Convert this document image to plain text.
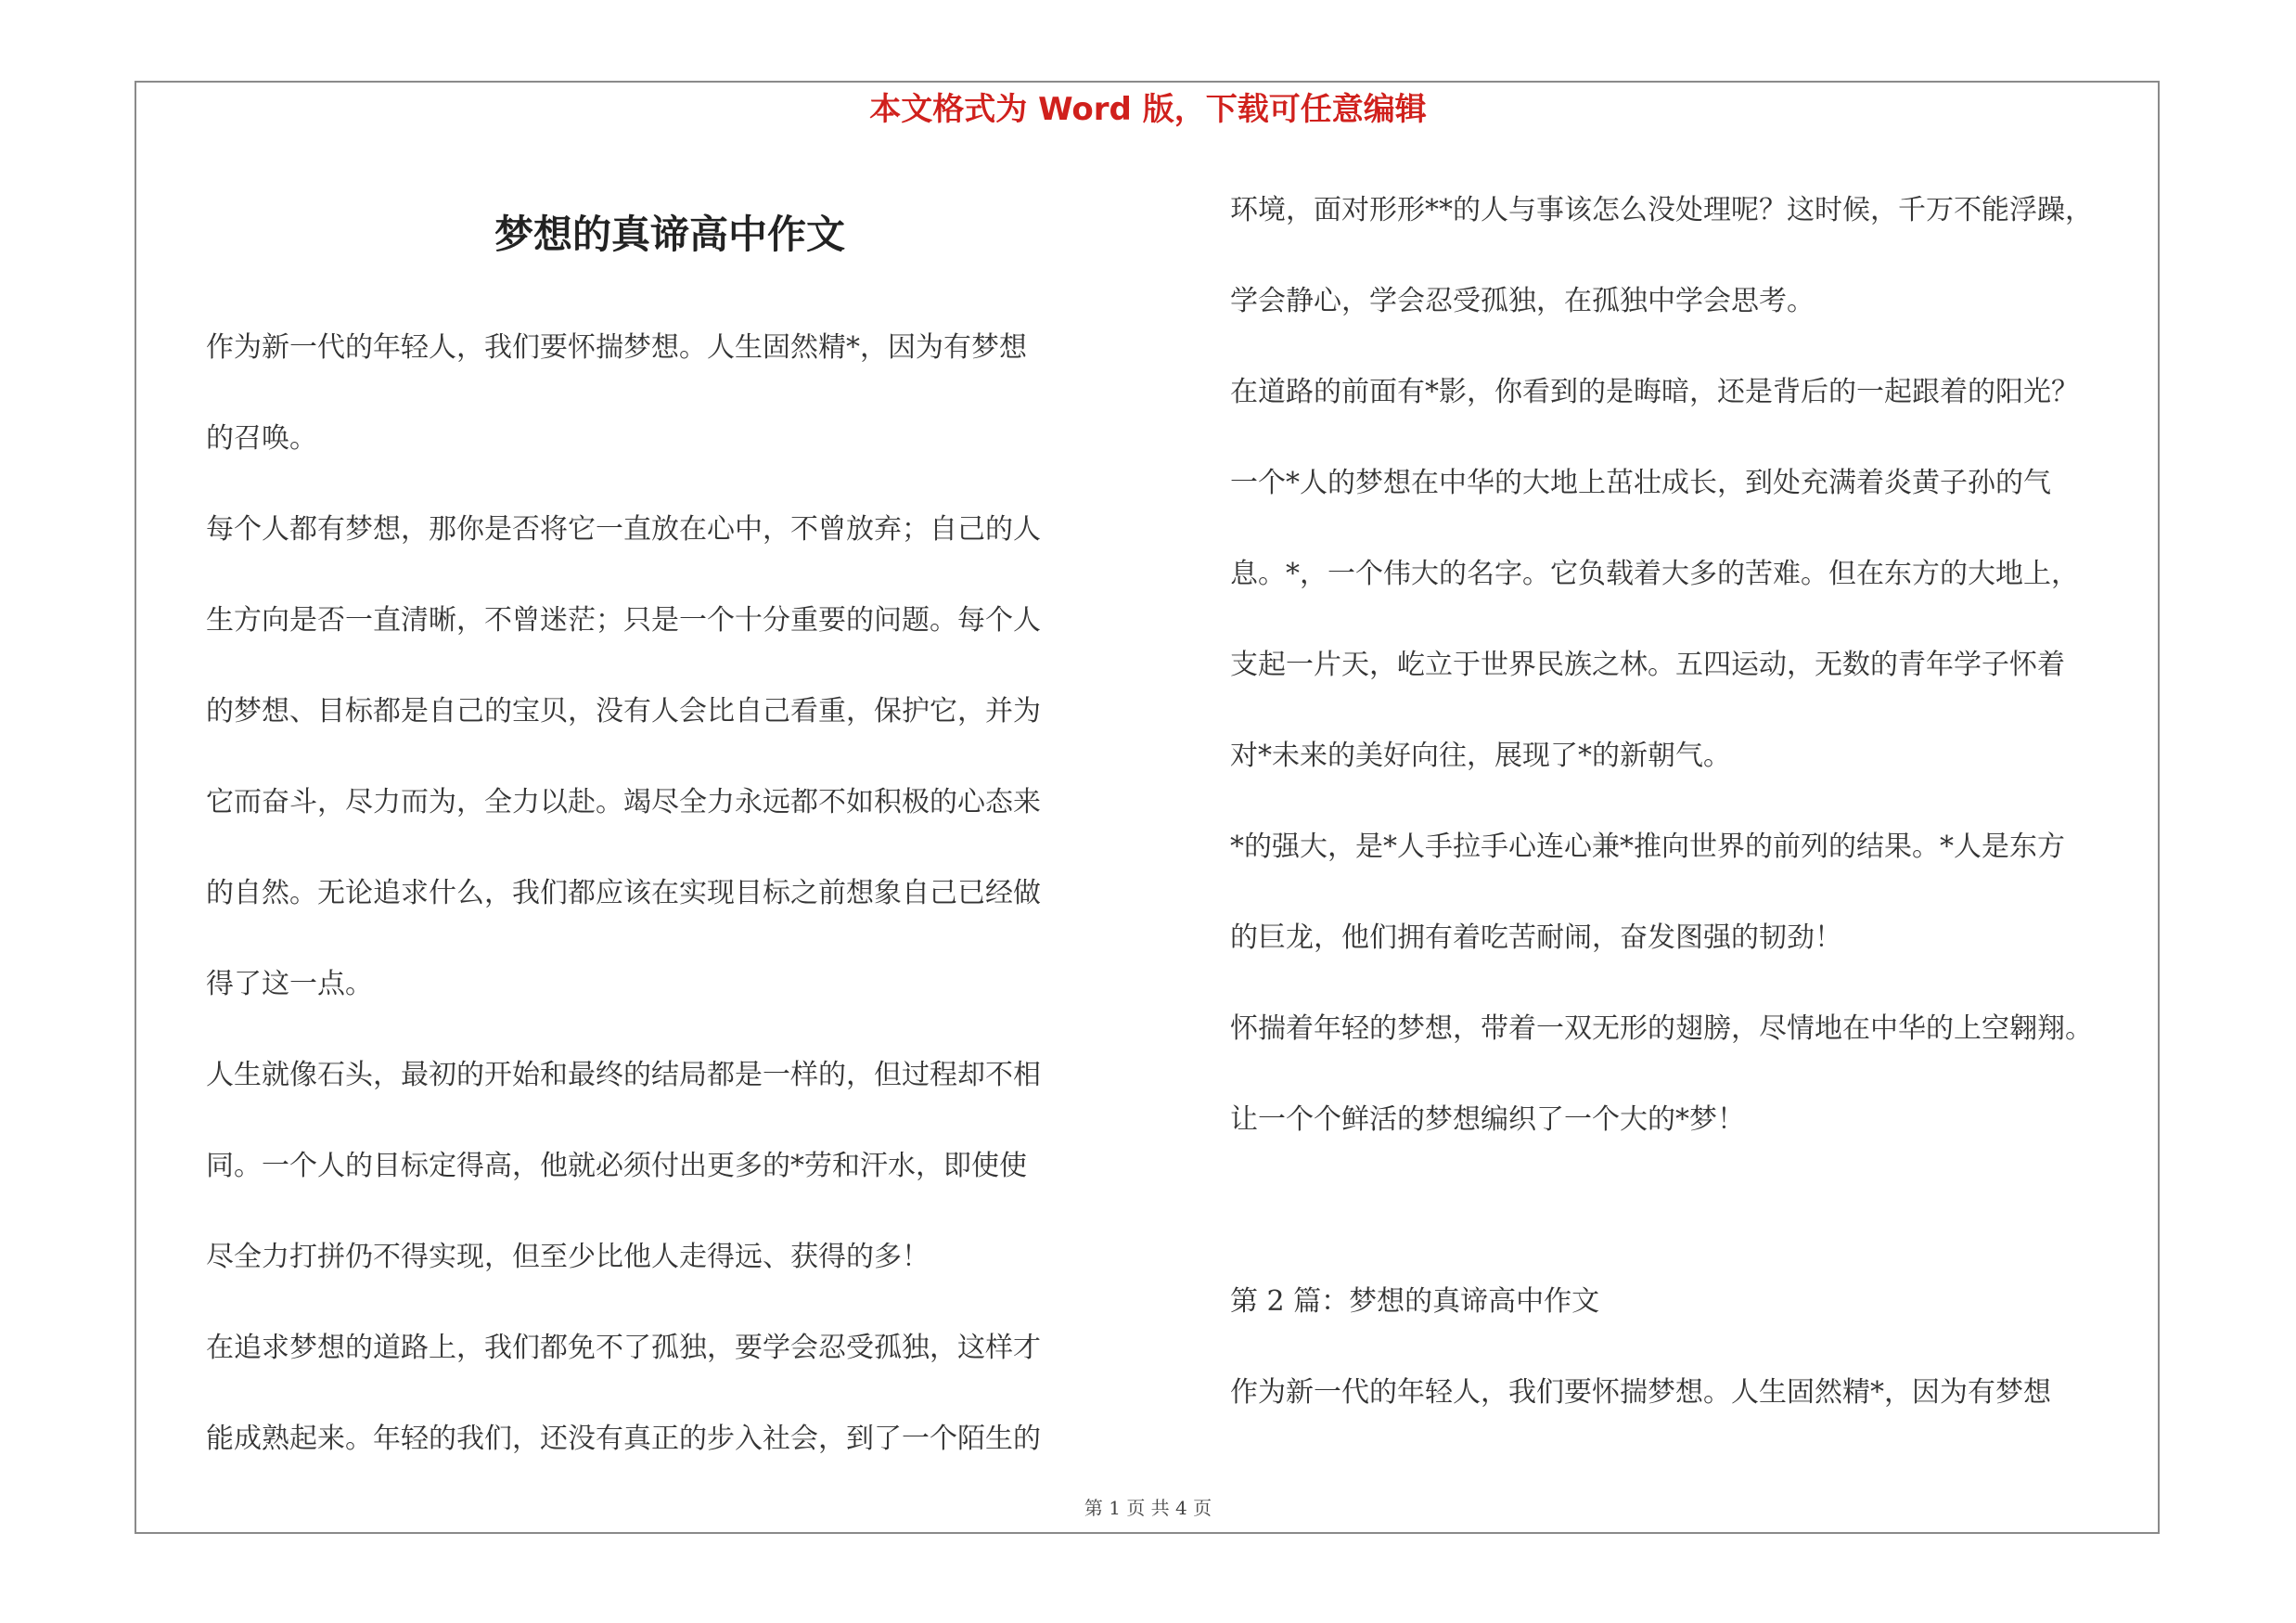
本文格式为 Word 版，下载可任意编辑
梦想的真谛高中作文
作为新一代的年轻人，我们要怀揣梦想。人生固然精*，因为有梦想
的召唤。
每个人都有梦想，那你是否将它一直放在心中，不曾放弃；自己的人
生方向是否一直清晰，不曾迷茫；只是一个十分重要的问题。每个人
的梦想、目标都是自己的宝贝，没有人会比自己看重，保护它，并为
它而奋斗，尽力而为，全力以赴。竭尽全力永远都不如积极的心态来
的自然。无论追求什么，我们都应该在实现目标之前想象自己已经做
得了这一点。
人生就像石头，最初的开始和最终的结局都是一样的，但过程却不相
同。一个人的目标定得高，他就必须付出更多的*劳和汗水，即使使
尽全力打拼仍不得实现，但至少比他人走得远、获得的多！
在追求梦想的道路上，我们都免不了孤独，要学会忍受孤独，这样才
能成熟起来。年轻的我们，还没有真正的步入社会，到了一个陌生的
环境，面对形形**的人与事该怎么没处理呢？这时候，千万不能浮躁，
学会静心，学会忍受孤独，在孤独中学会思考。
在道路的前面有*影，你看到的是晦暗，还是背后的一起跟着的阳光？
一个*人的梦想在中华的大地上茁壮成长，到处充满着炎黄子孙的气
息。*，一个伟大的名字。它负载着大多的苦难。但在东方的大地上，
支起一片天，屹立于世界民族之林。五四运动，无数的青年学子怀着
对*未来的美好向往，展现了*的新朝气。
*的强大，是*人手拉手心连心兼*推向世界的前列的结果。*人是东方
的巨龙，他们拥有着吃苦耐闹，奋发图强的韧劲！
怀揣着年轻的梦想，带着一双无形的翅膀，尽情地在中华的上空翱翔。
让一个个鲜活的梦想编织了一个大的*梦！
第 2 篇：梦想的真谛高中作文
作为新一代的年轻人，我们要怀揣梦想。人生固然精*，因为有梦想
第 1 页 共 4 页
